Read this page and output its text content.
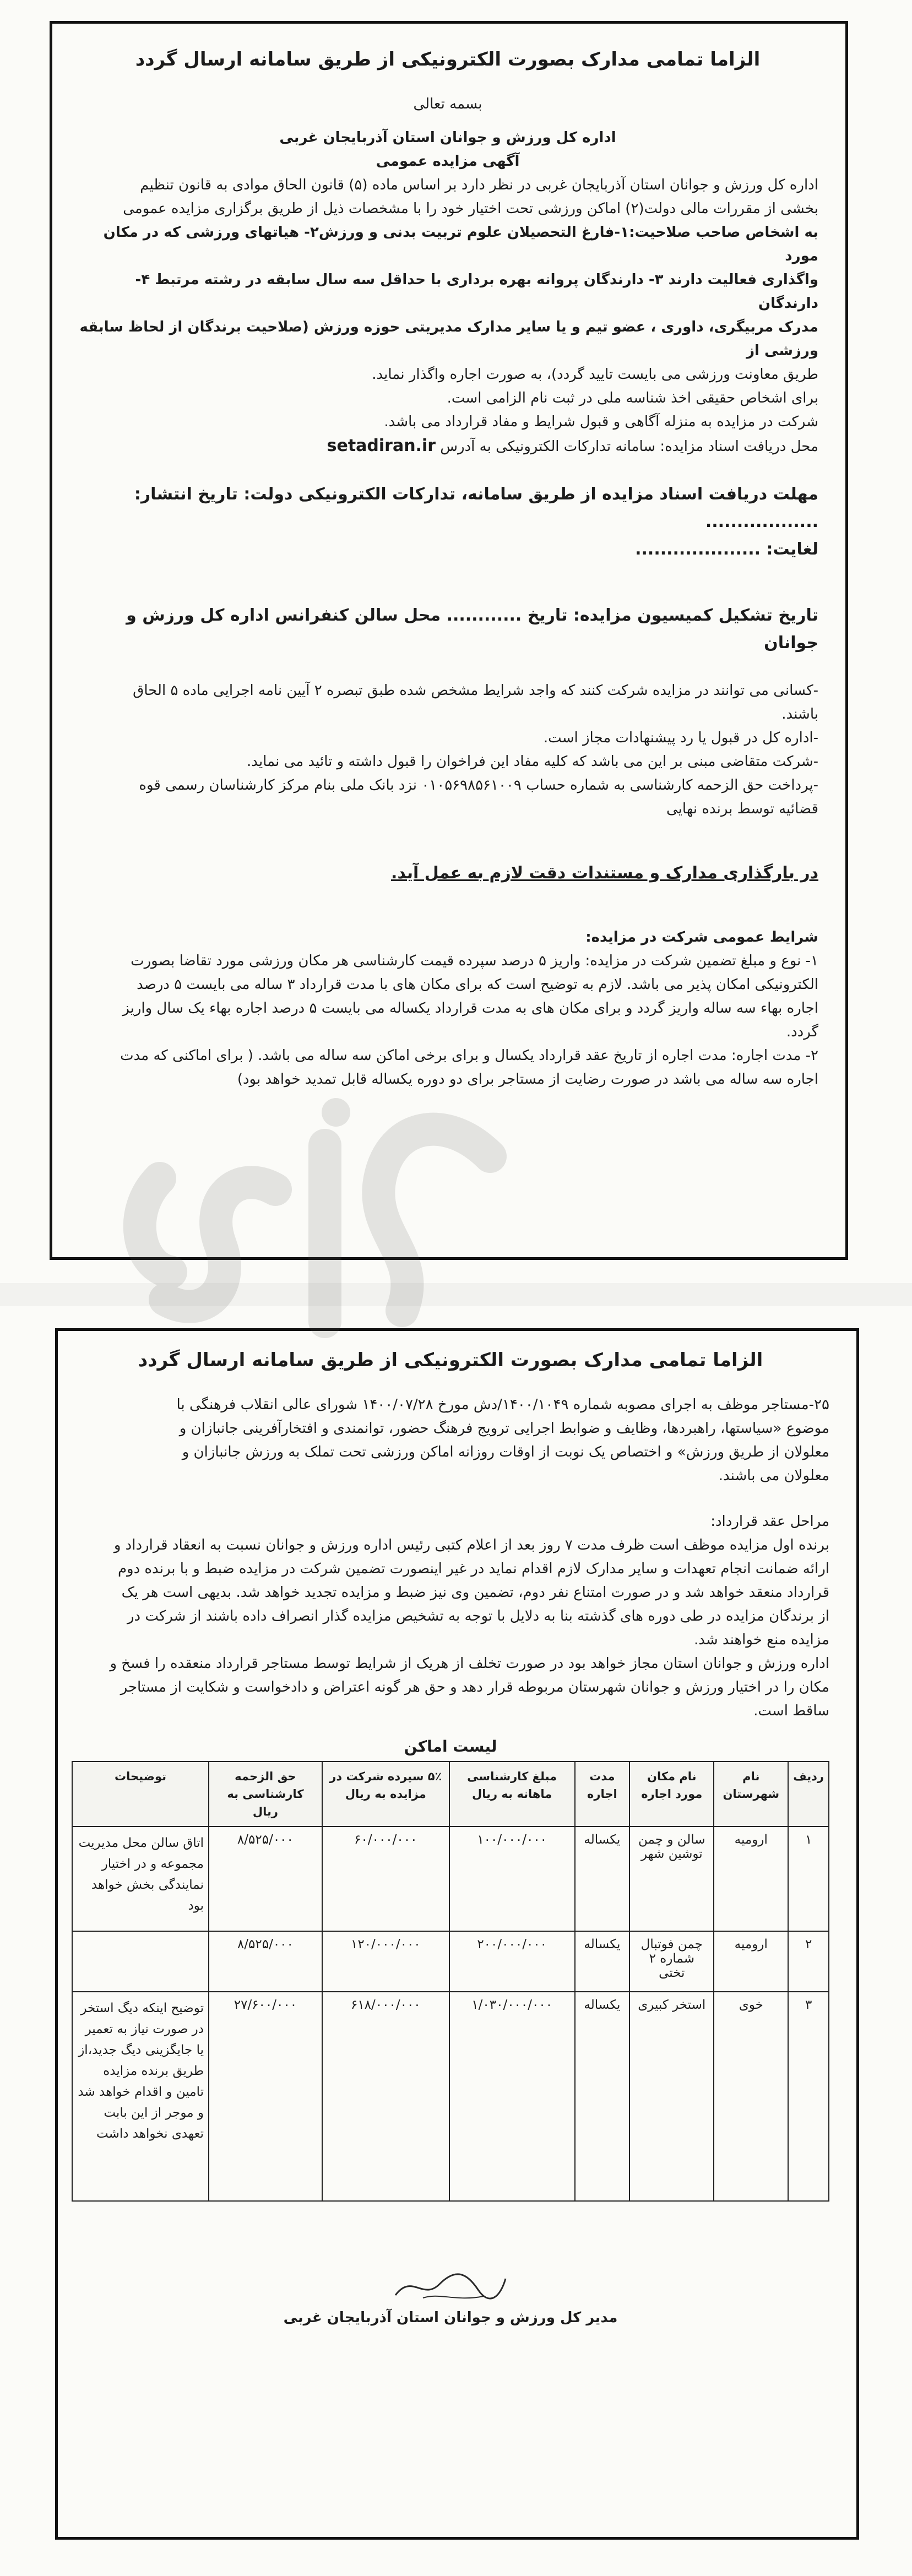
الزاما تمامی مدارک بصورت الکترونیکی از طریق سامانه ارسال گردد

بسمه تعالی

اداره کل ورزش و جوانان استان آذربایجان غربی

آگهی مزایده عمومی

اداره کل ورزش و جوانان استان آذربایجان غربی در نظر دارد بر اساس ماده (۵) قانون الحاق موادی به قانون تنظیم

بخشی از مقررات مالی دولت(۲) اماکن ورزشی تحت اختیار خود را با مشخصات ذیل از طریق برگزاری مزایده عمومی

به اشخاص صاحب صلاحیت:۱-فارغ التحصیلان علوم تربیت بدنی و ورزش۲- هیاتهای ورزشی که در مکان مورد

واگذاری فعالیت دارند ۳- دارندگان پروانه بهره برداری با حداقل سه سال سابقه در رشته مرتبط ۴- دارندگان

مدرک مربیگری، داوری ، عضو تیم و یا سایر مدارک مدیریتی حوزه ورزش (صلاحیت برندگان از لحاظ سابقه ورزشی از

طریق معاونت ورزشی می بایست تایید گردد)، به صورت اجاره واگذار نماید.

برای اشخاص حقیقی اخذ شناسه ملی در ثبت نام الزامی است.

شرکت در مزایده به منزله آگاهی و قبول شرایط و مفاد قرارداد می باشد.

محل دریافت اسناد مزایده: سامانه تدارکات الکترونیکی به آدرس setadiran.ir

مهلت دریافت اسناد مزایده از طریق سامانه، تدارکات الکترونیکی دولت: تاریخ انتشار: ..................

لغایت: ....................

تاریخ تشکیل کمیسیون مزایده: تاریخ ............ محل سالن کنفرانس اداره کل ورزش و جوانان

-کسانی می توانند در مزایده شرکت کنند که واجد شرایط مشخص شده طبق تبصره ۲ آیین نامه اجرایی ماده ۵ الحاق

باشند.

-اداره کل در قبول یا رد پیشنهادات مجاز است.

-شرکت متقاضی مبنی بر این می باشد که کلیه مفاد این فراخوان را قبول داشته و تائید می نماید.

-پرداخت حق الزحمه کارشناسی به شماره حساب ۰۱۰۵۶۹۸۵۶۱۰۰۹ نزد بانک ملی بنام مرکز کارشناسان رسمی قوه

قضائیه توسط برنده نهایی

در بارگذاری مدارک و مستندات دقت لازم به عمل آید.

شرایط عمومی شرکت در مزایده:

۱- نوع و مبلغ تضمین شرکت در مزایده: واریز ۵ درصد سپرده قیمت کارشناسی هر مکان ورزشی مورد تقاضا بصورت

الکترونیکی امکان پذیر می باشد. لازم به توضیح است که برای مکان های با مدت قرارداد ۳ ساله می بایست ۵ درصد

اجاره بهاء سه ساله واریز گردد و برای مکان های به مدت قرارداد یکساله می بایست ۵ درصد اجاره بهاء یک سال واریز

گردد.

۲- مدت اجاره: مدت اجاره از تاریخ عقد قرارداد یکسال و برای برخی اماکن سه ساله می باشد. ( برای اماکنی که مدت

اجاره سه ساله می باشد در صورت رضایت از مستاجر برای دو دوره یکساله قابل تمدید خواهد بود)

الزاما تمامی مدارک بصورت الکترونیکی از طریق سامانه ارسال گردد

۲۵-مستاجر موظف به اجرای مصوبه شماره ۱۴۰۰/۱۰۴۹/دش مورخ ۱۴۰۰/۰۷/۲۸ شورای عالی انقلاب فرهنگی با

موضوع «سیاستها، راهبردها، وظایف و ضوابط اجرایی ترویج فرهنگ حضور، توانمندی و افتخارآفرینی جانبازان و

معلولان از طریق ورزش» و اختصاص یک نوبت از اوقات روزانه اماکن ورزشی تحت تملک به ورزش جانبازان و

معلولان می باشند.

مراحل عقد قرارداد:

برنده اول مزایده موظف است ظرف مدت ۷ روز بعد از اعلام کتبی رئیس اداره ورزش و جوانان نسبت به انعقاد قرارداد و

ارائه ضمانت انجام تعهدات و سایر مدارک لازم اقدام نماید در غیر اینصورت تضمین شرکت در مزایده ضبط و با برنده دوم

قرارداد منعقد خواهد شد و در صورت امتناع نفر دوم، تضمین وی نیز ضبط و مزایده تجدید خواهد شد. بدیهی است هر یک

از برندگان مزایده در طی دوره های گذشته بنا به دلایل با توجه به تشخیص مزایده گذار انصراف داده باشند از شرکت در

مزایده منع خواهند شد.

اداره ورزش و جوانان استان مجاز خواهد بود در صورت تخلف از هریک از شرایط توسط مستاجر قرارداد منعقده را فسخ و

مکان را در اختیار ورزش و جوانان شهرستان مربوطه قرار دهد و حق هر گونه اعتراض و دادخواست و شکایت از مستاجر

ساقط است.

لیست اماکن
ردیف	نام شهرستان	نام مکان مورد اجاره	مدت اجاره	مبلغ کارشناسی ماهانه به ریال	۵٪ سپرده شرکت در مزایده به ریال	حق الزحمه کارشناسی به ریال	توضیحات
۱	ارومیه	سالن و چمن توشین شهر	یکساله	۱۰۰/۰۰۰/۰۰۰	۶۰/۰۰۰/۰۰۰	۸/۵۲۵/۰۰۰	اتاق سالن محل مدیریت مجموعه و در اختیار نمایندگی بخش خواهد بود
۲	ارومیه	چمن فوتبال شماره ۲ تختی	یکساله	۲۰۰/۰۰۰/۰۰۰	۱۲۰/۰۰۰/۰۰۰	۸/۵۲۵/۰۰۰	
۳	خوی	استخر کبیری	یکساله	۱/۰۳۰/۰۰۰/۰۰۰	۶۱۸/۰۰۰/۰۰۰	۲۷/۶۰۰/۰۰۰	توضیح اینکه دیگ استخر در صورت نیاز به تعمیر یا جایگزینی دیگ جدید،از طریق برنده مزایده تامین و اقدام خواهد شد و موجر از این بابت تعهدی نخواهد داشت
مدیر کل ورزش و جوانان استان آذربایجان غربی
